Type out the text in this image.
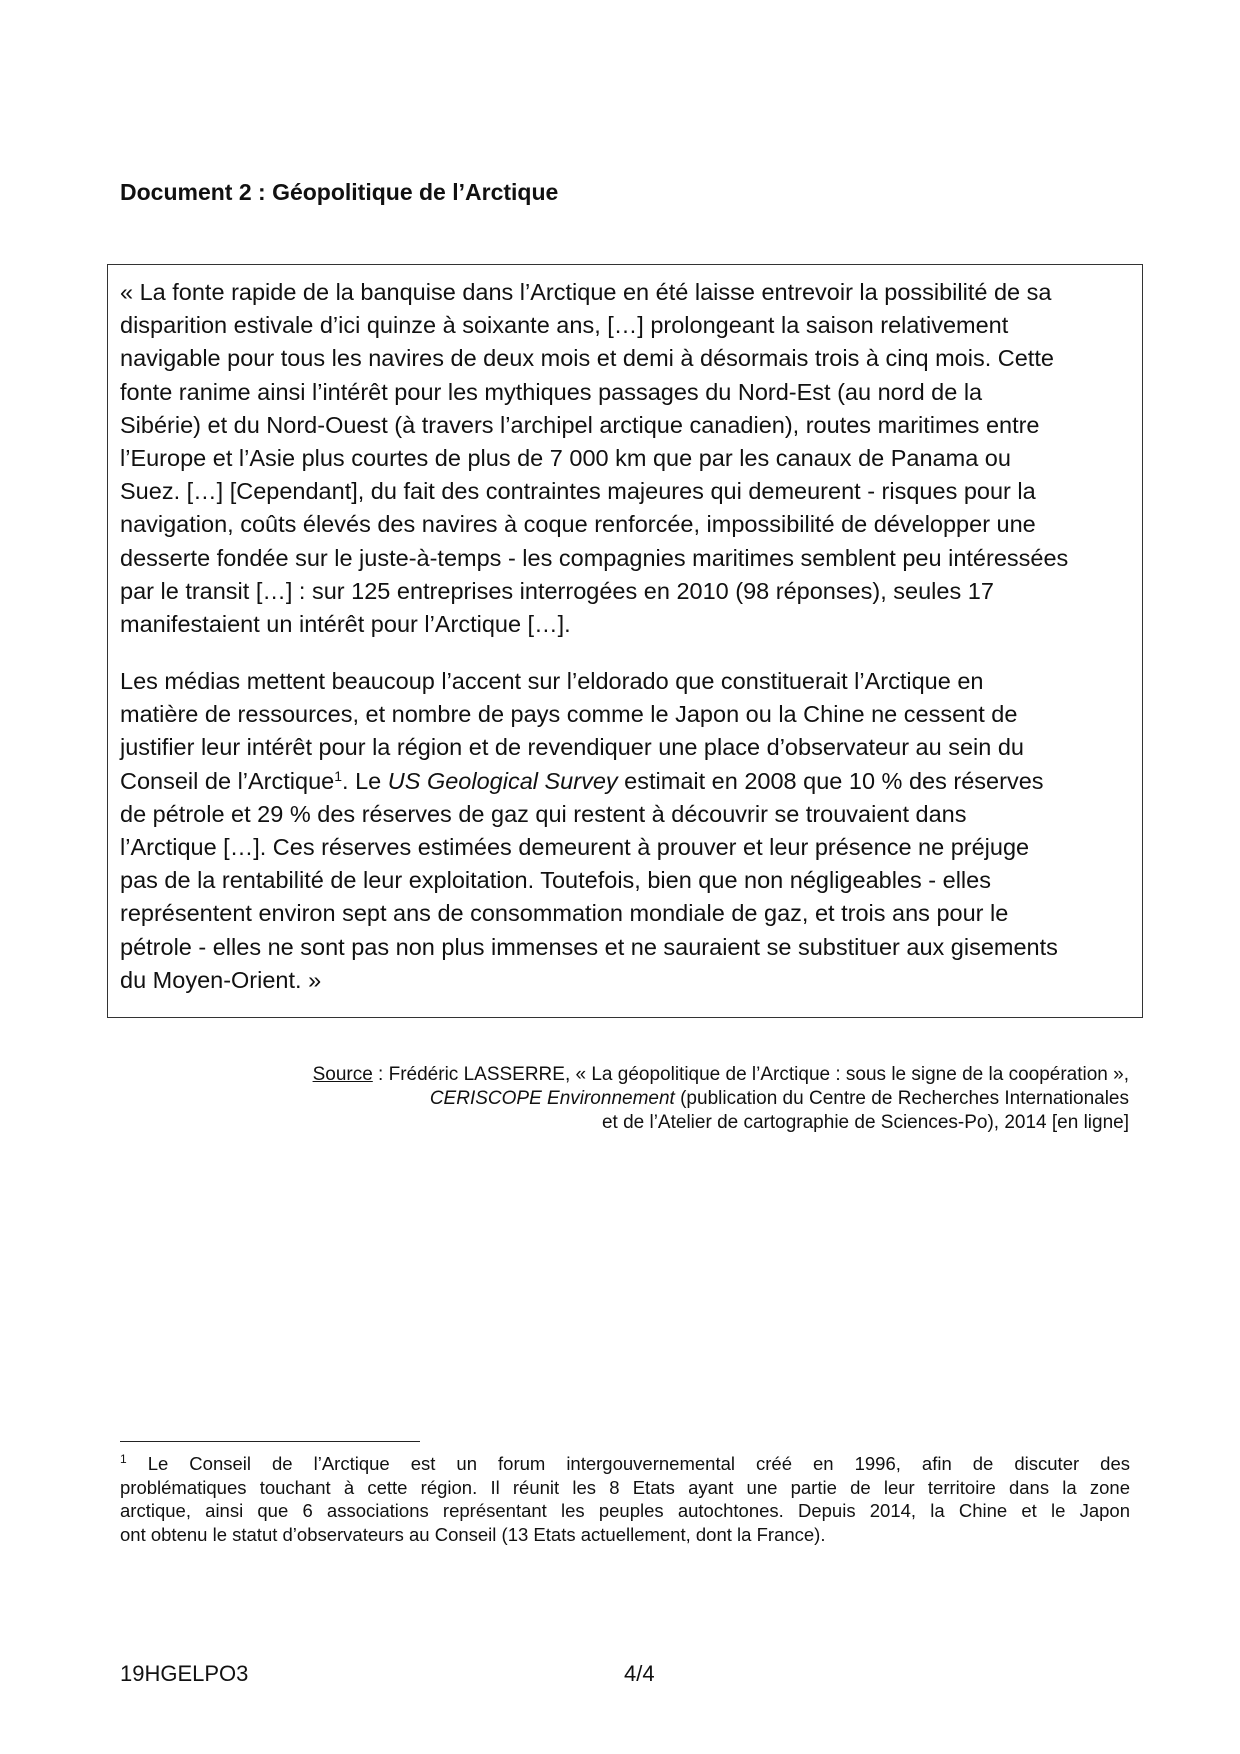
Document 2 : Géopolitique de l’Arctique
« La fonte rapide de la banquise dans l’Arctique en été laisse entrevoir la possibilité de sa
disparition estivale d’ici quinze à soixante ans, […] prolongeant la saison relativement
navigable pour tous les navires de deux mois et demi à désormais trois à cinq mois. Cette
fonte ranime ainsi l’intérêt pour les mythiques passages du Nord-Est (au nord de la
Sibérie) et du Nord-Ouest (à travers l’archipel arctique canadien), routes maritimes entre
l’Europe et l’Asie plus courtes de plus de 7 000 km que par les canaux de Panama ou
Suez. […] [Cependant], du fait des contraintes majeures qui demeurent - risques pour la
navigation, coûts élevés des navires à coque renforcée, impossibilité de développer une
desserte fondée sur le juste-à-temps - les compagnies maritimes semblent peu intéressées
par le transit […] : sur 125 entreprises interrogées en 2010 (98 réponses), seules 17
manifestaient un intérêt pour l’Arctique […].
Les médias mettent beaucoup l’accent sur l’eldorado que constituerait l’Arctique en
matière de ressources, et nombre de pays comme le Japon ou la Chine ne cessent de
justifier leur intérêt pour la région et de revendiquer une place d’observateur au sein du
Conseil de l’Arctique$^1$. Le US Geological Survey estimait en 2008 que 10 % des réserves
de pétrole et 29 % des réserves de gaz qui restent à découvrir se trouvaient dans
l’Arctique […]. Ces réserves estimées demeurent à prouver et leur présence ne préjuge
pas de la rentabilité de leur exploitation. Toutefois, bien que non négligeables - elles
représentent environ sept ans de consommation mondiale de gaz, et trois ans pour le
pétrole - elles ne sont pas non plus immenses et ne sauraient se substituer aux gisements
du Moyen-Orient. »
Source : Frédéric LASSERRE, « La géopolitique de l’Arctique : sous le signe de la coopération »,
CERISCOPE Environnement (publication du Centre de Recherches Internationales
et de l’Atelier de cartographie de Sciences-Po), 2014 [en ligne]
$^1$ Le Conseil de l’Arctique est un forum intergouvernemental créé en 1996, afin de discuter des
problématiques touchant à cette région. Il réunit les 8 Etats ayant une partie de leur territoire dans la zone
arctique, ainsi que 6 associations représentant les peuples autochtones. Depuis 2014, la Chine et le Japon
ont obtenu le statut d’observateurs au Conseil (13 Etats actuellement, dont la France).
19HGELPO3	4/4
